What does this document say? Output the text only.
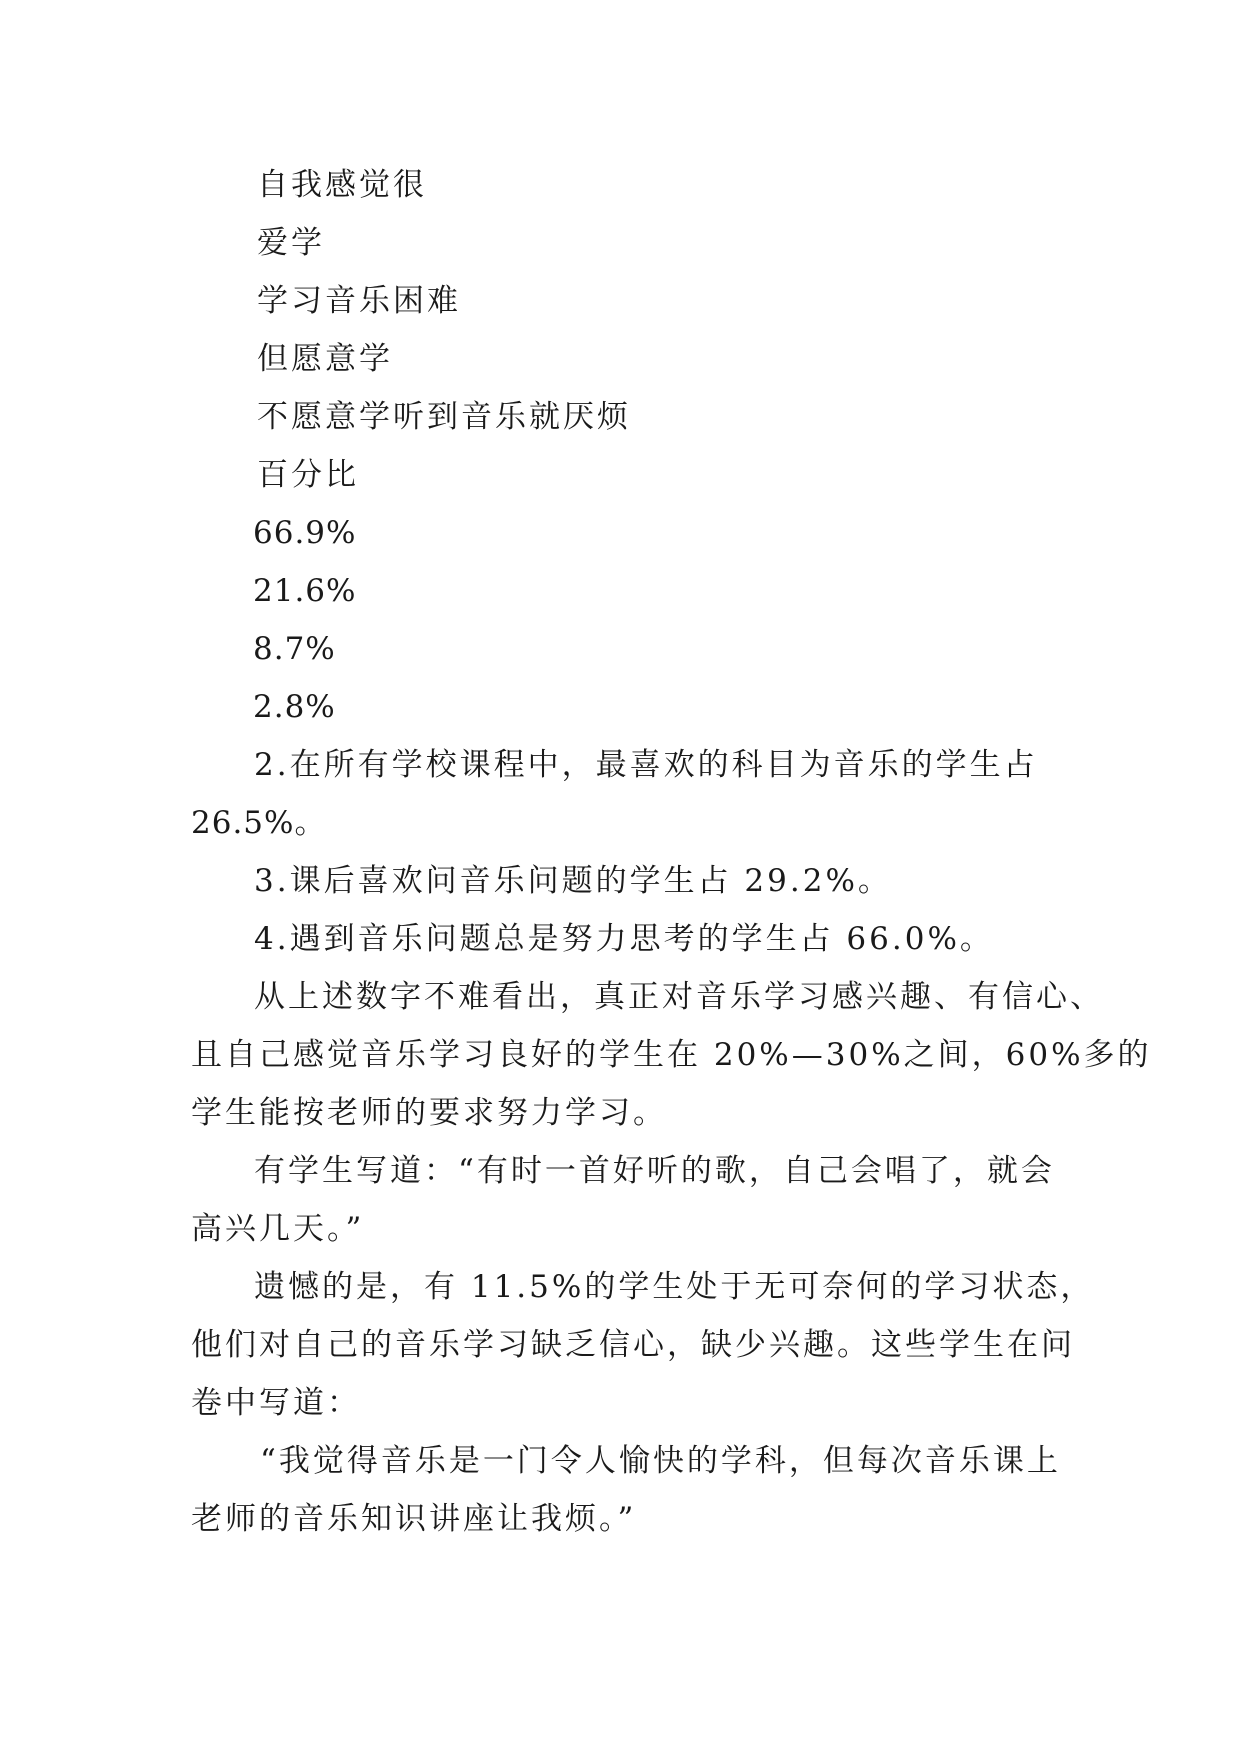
自我感觉很
爱学
学习音乐困难
但愿意学
不愿意学听到音乐就厌烦
百分比
66.9%
21.6%
8.7%
2.8%
2.在所有学校课程中，最喜欢的科目为音乐的学生占
26.5%。
3.课后喜欢问音乐问题的学生占 29.2%。
4.遇到音乐问题总是努力思考的学生占 66.0%。
从上述数字不难看出，真正对音乐学习感兴趣、有信心、
且自己感觉音乐学习良好的学生在 20%—30%之间，60%多的
学生能按老师的要求努力学习。
有学生写道：“有时一首好听的歌，自己会唱了，就会
高兴几天。”
遗憾的是，有 11.5%的学生处于无可奈何的学习状态，
他们对自己的音乐学习缺乏信心，缺少兴趣。这些学生在问
卷中写道：
“我觉得音乐是一门令人愉快的学科，但每次音乐课上
老师的音乐知识讲座让我烦。”
